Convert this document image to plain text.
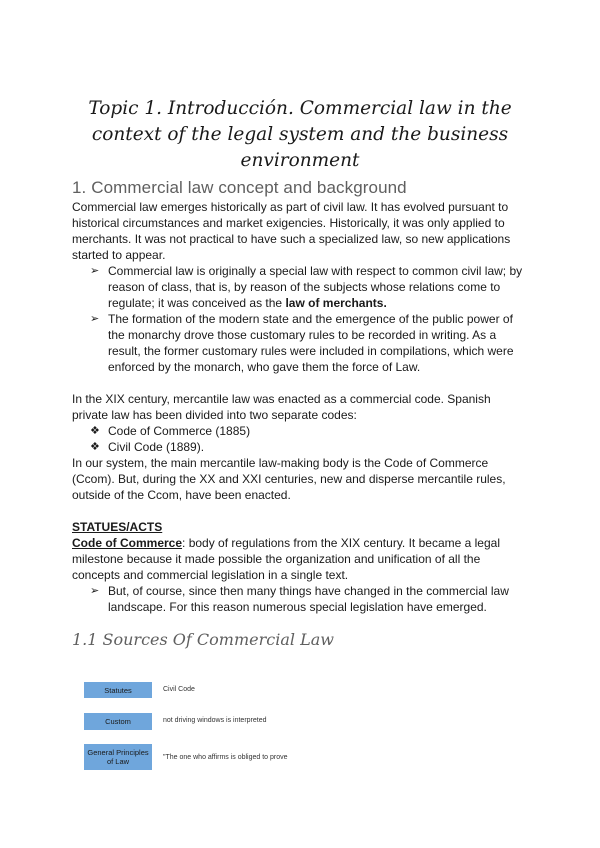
Topic 1. Introducción. Commercial law in the
context of the legal system and the business
environment
1. Commercial law concept and background
Commercial law emerges historically as part of civil law. It has evolved pursuant to
historical circumstances and market exigencies. Historically, it was only applied to
merchants. It was not practical to have such a specialized law, so new applications
started to appear.
➢ Commercial law is originally a special law with respect to common civil law; by
reason of class, that is, by reason of the subjects whose relations come to
regulate; it was conceived as the law of merchants.
➢ The formation of the modern state and the emergence of the public power of
the monarchy drove those customary rules to be recorded in writing. As a
result, the former customary rules were included in compilations, which were
enforced by the monarch, who gave them the force of Law.
In the XIX century, mercantile law was enacted as a commercial code. Spanish
private law has been divided into two separate codes:
❖ Code of Commerce (1885)
❖ Civil Code (1889).
In our system, the main mercantile law-making body is the Code of Commerce
(Ccom). But, during the XX and XXI centuries, new and disperse mercantile rules,
outside of the Ccom, have been enacted.
STATUES/ACTS
Code of Commerce: body of regulations from the XIX century. It became a legal
milestone because it made possible the organization and unification of all the
concepts and commercial legislation in a single text.
➢ But, of course, since then many things have changed in the commercial law
landscape. For this reason numerous special legislation have emerged.
1.1 Sources Of Commercial Law
Statutes	Civil Code
Custom	not driving windows is interpreted
General Principles of Law	"The one who affirms is obliged to prove
